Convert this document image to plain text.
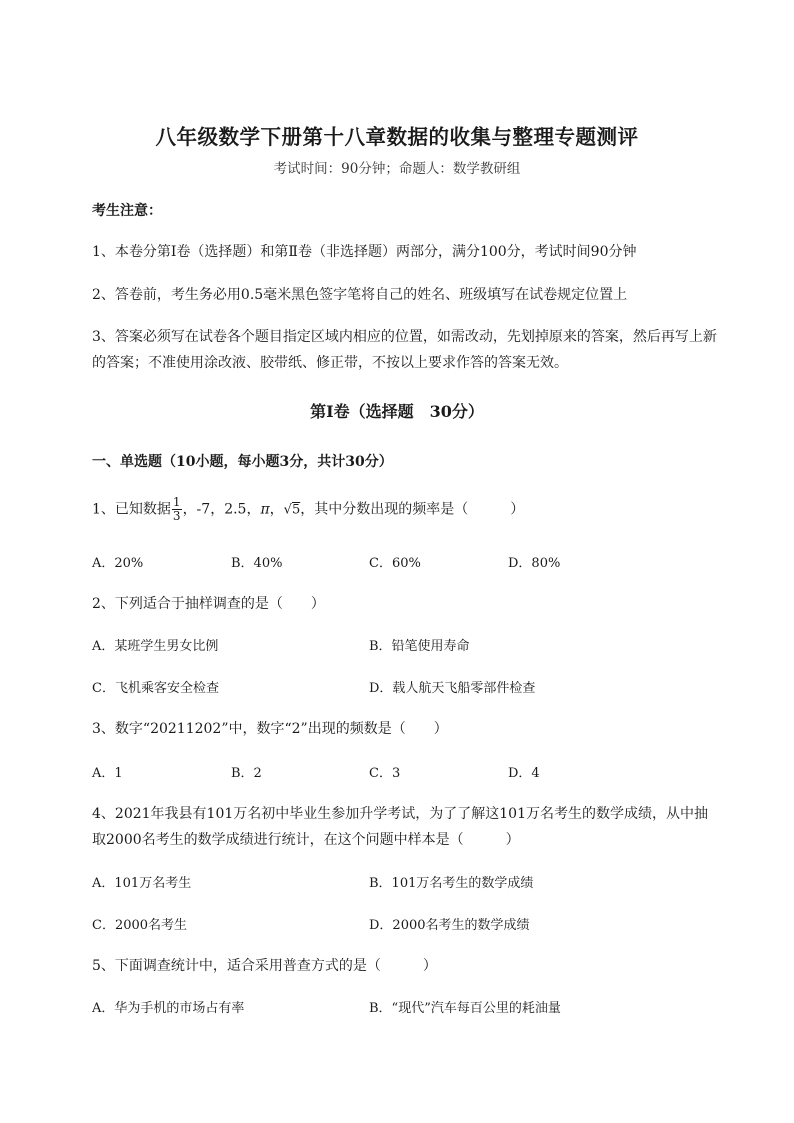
八年级数学下册第十八章数据的收集与整理专题测评
考试时间：90分钟；命题人：数学教研组
考生注意：
1、本卷分第I卷（选择题）和第Ⅱ卷（非选择题）两部分，满分100分，考试时间90分钟
2、答卷前，考生务必用0.5毫米黑色签字笔将自己的姓名、班级填写在试卷规定位置上
3、答案必须写在试卷各个题目指定区域内相应的位置，如需改动，先划掉原来的答案，然后再写上新
的答案；不准使用涂改液、胶带纸、修正带，不按以上要求作答的答案无效。
第I卷（选择题　30分）
一、单选题（10小题，每小题3分，共计30分）
1、已知数据 $\frac{1}{3}$ ，-7，2.5，π，√5，其中分数出现的频率是（　　　）
A．20%	B．40%	C．60%	D．80%
2、下列适合于抽样调查的是（　　）
A．某班学生男女比例	B．铅笔使用寿命
C．飞机乘客安全检查	D．载人航天飞船零部件检查
3、数字“20211202”中，数字“2”出现的频数是（　　）
A．1	B．2	C．3	D．4
4、2021年我县有101万名初中毕业生参加升学考试，为了了解这101万名考生的数学成绩，从中抽
取2000名考生的数学成绩进行统计，在这个问题中样本是（　　　）
A．101万名考生	B．101万名考生的数学成绩
C．2000名考生	D．2000名考生的数学成绩
5、下面调查统计中，适合采用普查方式的是（　　　）
A．华为手机的市场占有率	B．“现代”汽车每百公里的耗油量
